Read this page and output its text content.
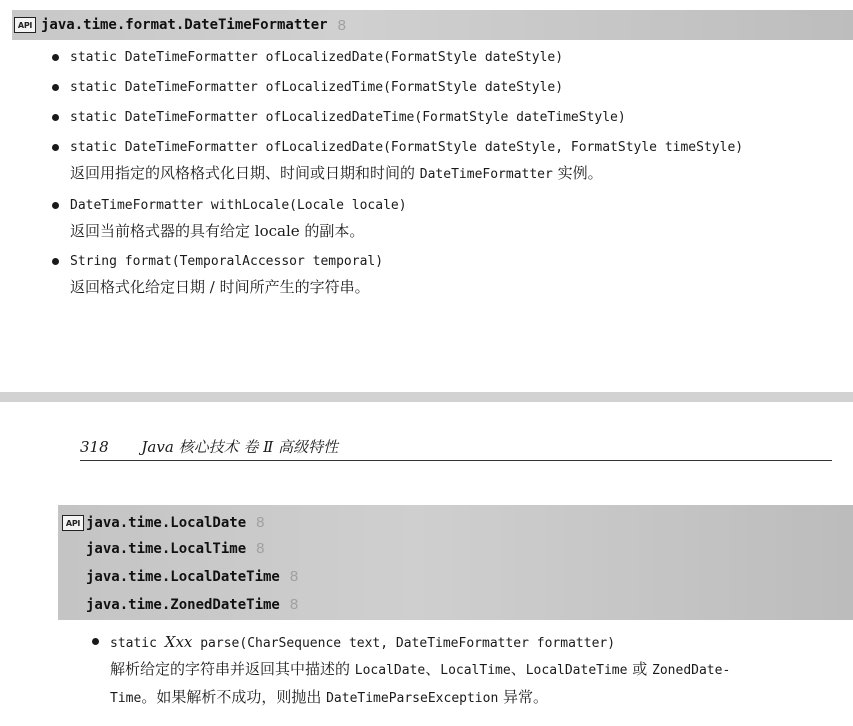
API java.time.format.DateTimeFormatter 8
static DateTimeFormatter ofLocalizedDate(FormatStyle dateStyle)
static DateTimeFormatter ofLocalizedTime(FormatStyle dateStyle)
static DateTimeFormatter ofLocalizedDateTime(FormatStyle dateTimeStyle)
static DateTimeFormatter ofLocalizedDate(FormatStyle dateStyle, FormatStyle timeStyle)
返回用指定的风格格式化日期、时间或日期和时间的 DateTimeFormatter 实例。
DateTimeFormatter withLocale(Locale locale)
返回当前格式器的具有给定 locale 的副本。
String format(TemporalAccessor temporal)
返回格式化给定日期 / 时间所产生的字符串。
318 Java 核心技术 卷 Ⅱ 高级特性
API java.time.LocalDate 8
java.time.LocalTime 8
java.time.LocalDateTime 8
java.time.ZonedDateTime 8
static Xxx parse(CharSequence text, DateTimeFormatter formatter)
解析给定的字符串并返回其中描述的 LocalDate、LocalTime、LocalDateTime 或 ZonedDate-
Time。如果解析不成功，则抛出 DateTimeParseException 异常。
